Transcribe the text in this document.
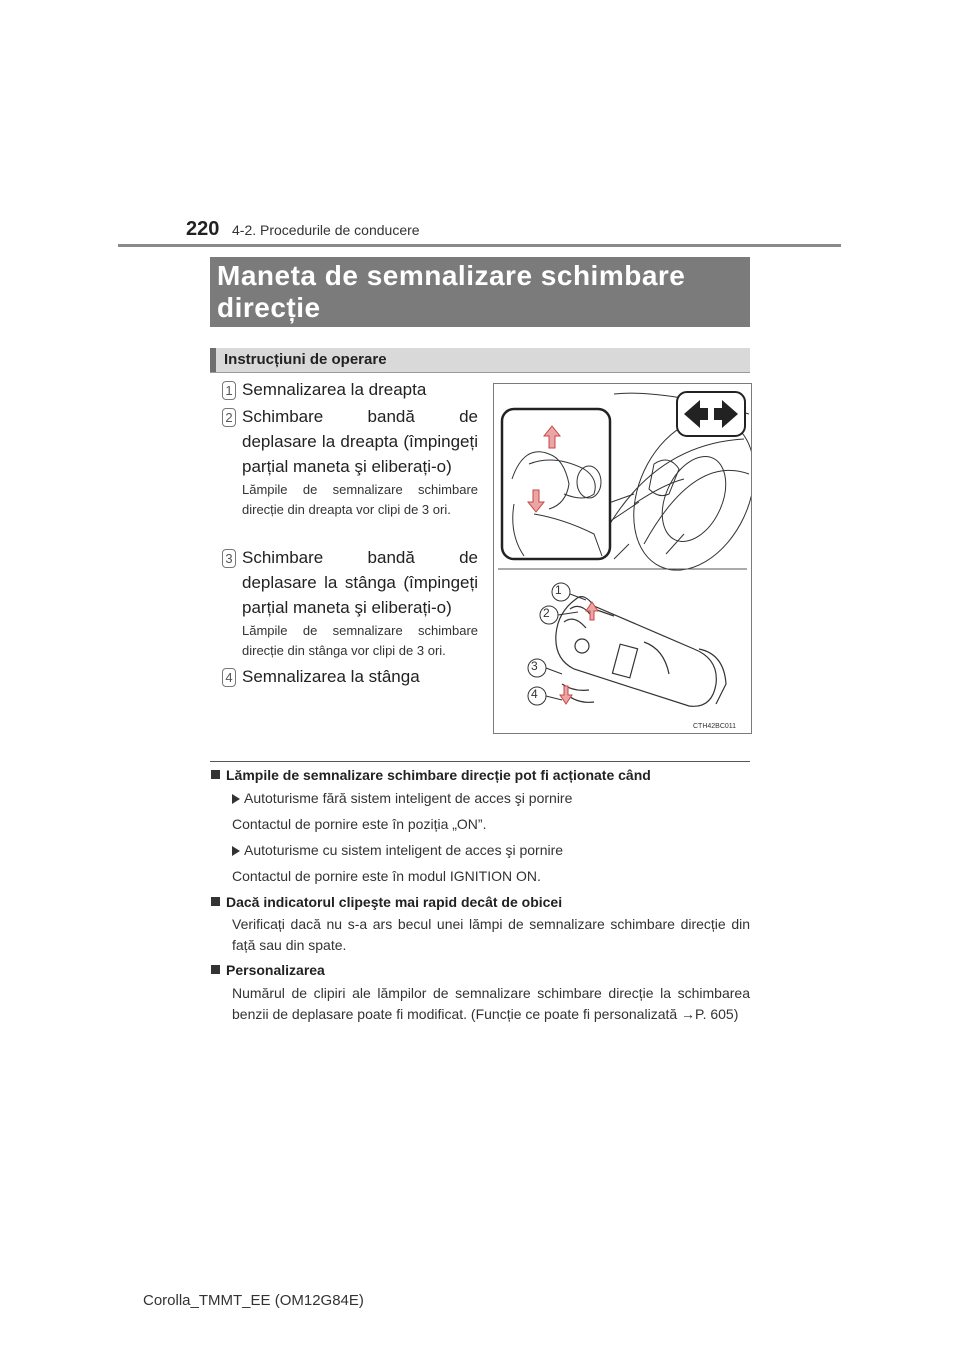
220 4-2. Procedurile de conducere
Maneta de semnalizare schimbare direcție
Instrucțiuni de operare
1 Semnalizarea la dreapta
2 Schimbare bandă de deplasare la dreapta (împingeți parțial maneta şi eliberați-o)
Lămpile de semnalizare schimbare direcție din dreapta vor clipi de 3 ori.
3 Schimbare bandă de deplasare la stânga (împingeți parțial maneta şi eliberați-o)
Lămpile de semnalizare schimbare direcție din stânga vor clipi de 3 ori.
4 Semnalizarea la stânga
1
2
3
4
CTH42BC011
Lămpile de semnalizare schimbare direcție pot fi acționate când
Autoturisme fără sistem inteligent de acces şi pornire
Contactul de pornire este în poziția „ON”.
Autoturisme cu sistem inteligent de acces şi pornire
Contactul de pornire este în modul IGNITION ON.
Dacă indicatorul clipeşte mai rapid decât de obicei
Verificați dacă nu s-a ars becul unei lămpi de semnalizare schimbare direcție din față sau din spate.
Personalizarea
Numărul de clipiri ale lămpilor de semnalizare schimbare direcție la schimbarea benzii de deplasare poate fi modificat. (Funcție ce poate fi personalizată →P. 605)
Corolla_TMMT_EE (OM12G84E)
